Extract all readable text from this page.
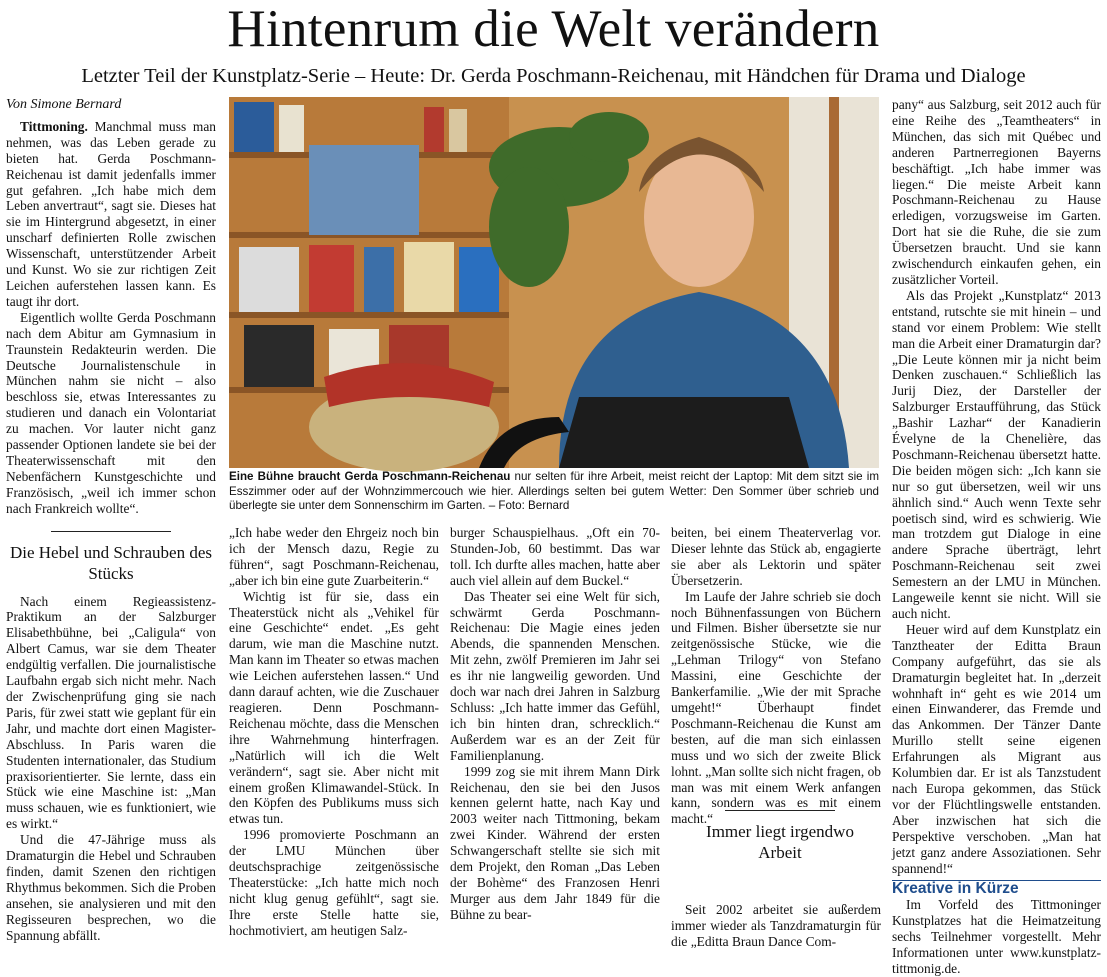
Hintenrum die Welt verändern
Letzter Teil der Kunstplatz-Serie – Heute: Dr. Gerda Poschmann-Reichenau, mit Händchen für Drama und Dialoge

Von Simone Bernard

Tittmoning. Manchmal muss man nehmen, was das Leben gerade zu bieten hat. Gerda Poschmann-Reichenau ist damit jedenfalls immer gut gefahren. „Ich habe mich dem Leben anvertraut“, sagt sie. Dieses hat sie im Hintergrund abgesetzt, in einer unscharf definierten Rolle zwischen Wissenschaft, unterstützender Arbeit und Kunst. Wo sie zur richtigen Zeit Leichen auferstehen lassen kann. Es taugt ihr dort.

Eigentlich wollte Gerda Poschmann nach dem Abitur am Gymnasium in Traunstein Redakteurin werden. Die Deutsche Journalistenschule in München nahm sie nicht – also beschloss sie, etwas Interessantes zu studieren und danach ein Volontariat zu machen. Vor lauter nicht ganz passender Optionen landete sie bei der Theaterwissenschaft mit den Nebenfächern Kunstgeschichte und Französisch, „weil ich immer schon nach Frankreich wollte“.

Die Hebel und Schrauben des Stücks

Nach einem Regieassistenz-Praktikum an der Salzburger Elisabethbühne, bei „Caligula“ von Albert Camus, war sie dem Theater endgültig verfallen. Die journalistische Laufbahn ergab sich nicht mehr. Nach der Zwischenprüfung ging sie nach Paris, für zwei statt wie geplant für ein Jahr, und machte dort einen Magister-Abschluss. In Paris waren die Studenten internationaler, das Studium praxisorientierter. Sie lernte, dass ein Stück wie eine Maschine ist: „Man muss schauen, wie es funktioniert, wie es wirkt.“

Und die 47-Jährige muss als Dramaturgin die Hebel und Schrauben finden, damit Szenen den richtigen Rhythmus bekommen. Sich die Proben ansehen, sie analysieren und mit den Regisseuren besprechen, wo die Spannung abfällt.

Eine Bühne braucht Gerda Poschmann-Reichenau nur selten für ihre Arbeit, meist reicht der Laptop: Mit dem sitzt sie im Esszimmer oder auf der Wohnzimmercouch wie hier. Allerdings selten bei gutem Wetter: Den Sommer über schrieb und überlegte sie unter dem Sonnenschirm im Garten. – Foto: Bernard

„Ich habe weder den Ehrgeiz noch bin ich der Mensch dazu, Regie zu führen“, sagt Poschmann-Reichenau, „aber ich bin eine gute Zuarbeiterin.“

Wichtig ist für sie, dass ein Theaterstück nicht als „Vehikel für eine Geschichte“ endet. „Es geht darum, wie man die Maschine nutzt. Man kann im Theater so etwas machen wie Leichen auferstehen lassen.“ Und dann darauf achten, wie die Zuschauer reagieren. Denn Poschmann-Reichenau möchte, dass die Menschen ihre Wahrnehmung hinterfragen. „Natürlich will ich die Welt verändern“, sagt sie. Aber nicht mit einem großen Klimawandel-Stück. In den Köpfen des Publikums muss sich etwas tun.

1996 promovierte Poschmann an der LMU München über deutschsprachige zeitgenössische Theaterstücke: „Ich hatte mich noch nicht klug genug gefühlt“, sagt sie. Ihre erste Stelle hatte sie, hochmotiviert, am heutigen Salz-

burger Schauspielhaus. „Oft ein 70-Stunden-Job, 60 bestimmt. Das war toll. Ich durfte alles machen, hatte aber auch viel allein auf dem Buckel.“

Das Theater sei eine Welt für sich, schwärmt Gerda Poschmann-Reichenau: Die Magie eines jeden Abends, die spannenden Menschen. Mit zehn, zwölf Premieren im Jahr sei es ihr nie langweilig geworden. Und doch war nach drei Jahren in Salzburg Schluss: „Ich hatte immer das Gefühl, ich bin hinten dran, schrecklich.“ Außerdem war es an der Zeit für Familienplanung.

1999 zog sie mit ihrem Mann Dirk Reichenau, den sie bei den Jusos kennen gelernt hatte, nach Kay und 2003 weiter nach Tittmoning, bekam zwei Kinder. Während der ersten Schwangerschaft stellte sie sich mit dem Projekt, den Roman „Das Leben der Bohème“ des Franzosen Henri Murger aus dem Jahr 1849 für die Bühne zu bear-

beiten, bei einem Theaterverlag vor. Dieser lehnte das Stück ab, engagierte sie aber als Lektorin und später Übersetzerin.

Im Laufe der Jahre schrieb sie doch noch Bühnenfassungen von Büchern und Filmen. Bisher übersetzte sie nur zeitgenössische Stücke, wie die „Lehman Trilogy“ von Stefano Massini, eine Geschichte der Bankerfamilie. „Wie der mit Sprache umgeht!“ Überhaupt findet Poschmann-Reichenau die Kunst am besten, auf die man sich einlassen muss und wo sich der zweite Blick lohnt. „Man sollte sich nicht fragen, ob man was mit einem Werk anfangen kann, sondern was es mit einem macht.“

Immer liegt irgendwo Arbeit

Seit 2002 arbeitet sie außerdem immer wieder als Tanzdramaturgin für die „Editta Braun Dance Com-

pany“ aus Salzburg, seit 2012 auch für eine Reihe des „Teamtheaters“ in München, das sich mit Québec und anderen Partnerregionen Bayerns beschäftigt. „Ich habe immer was liegen.“ Die meiste Arbeit kann Poschmann-Reichenau zu Hause erledigen, vorzugsweise im Garten. Dort hat sie die Ruhe, die sie zum Übersetzen braucht. Und sie kann zwischendurch einkaufen gehen, ein zusätzlicher Vorteil.

Als das Projekt „Kunstplatz“ 2013 entstand, rutschte sie mit hinein – und stand vor einem Problem: Wie stellt man die Arbeit einer Dramaturgin dar? „Die Leute können mir ja nicht beim Denken zuschauen.“ Schließlich las Jurij Diez, der Darsteller der Salzburger Erstaufführung, das Stück „Bashir Lazhar“ der Kanadierin Évelyne de la Chenelière, das Poschmann-Reichenau übersetzt hatte. Die beiden mögen sich: „Ich kann sie nur so gut übersetzen, weil wir uns ähnlich sind.“ Auch wenn Texte sehr poetisch sind, wird es schwierig. Wie man trotzdem gut Dialoge in eine andere Sprache überträgt, lehrt Poschmann-Reichenau seit zwei Semestern an der LMU in München. Langeweile kennt sie nicht. Will sie auch nicht.

Heuer wird auf dem Kunstplatz ein Tanztheater der Editta Braun Company aufgeführt, das sie als Dramaturgin begleitet hat. In „derzeit wohnhaft in“ geht es wie 2014 um einen Einwanderer, das Fremde und das Ankommen. Der Tänzer Dante Murillo stellt seine eigenen Erfahrungen als Migrant aus Kolumbien dar. Er ist als Tanzstudent nach Europa gekommen, das Stück vor der Flüchtlingswelle entstanden. Aber inzwischen hat sich die Perspektive verschoben. „Man hat jetzt ganz andere Assoziationen. Sehr spannend!“

Kreative in Kürze

Im Vorfeld des Tittmoninger Kunstplatzes hat die Heimatzeitung sechs Teilnehmer vorgestellt. Mehr Informationen unter www.kunstplatz-tittmonig.de.
